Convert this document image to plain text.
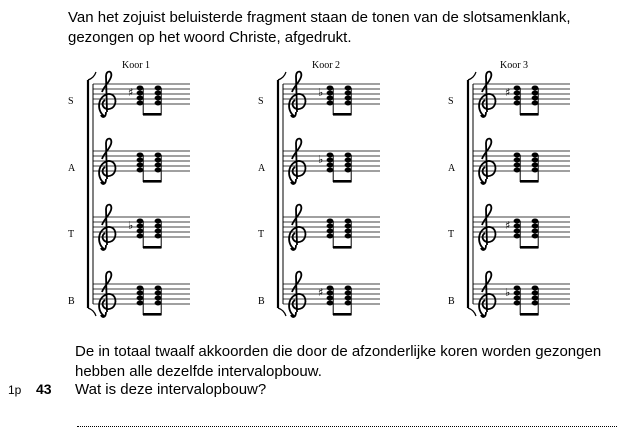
Van het zojuist beluisterde fragment staan de tonen van de slotsamenklank,

gezongen op het woord Christe, afgedrukt.

Koor 1	Koor 2	Koor 3
S
A
T
B
S
A
T
B
S
A
T
B
♯
♭
♭
♭
♯
♯
♯
♭

De in totaal twaalf akkoorden die door de afzonderlijke koren worden gezongen

hebben alle dezelfde intervalopbouw.

1p 43 Wat is deze intervalopbouw?
